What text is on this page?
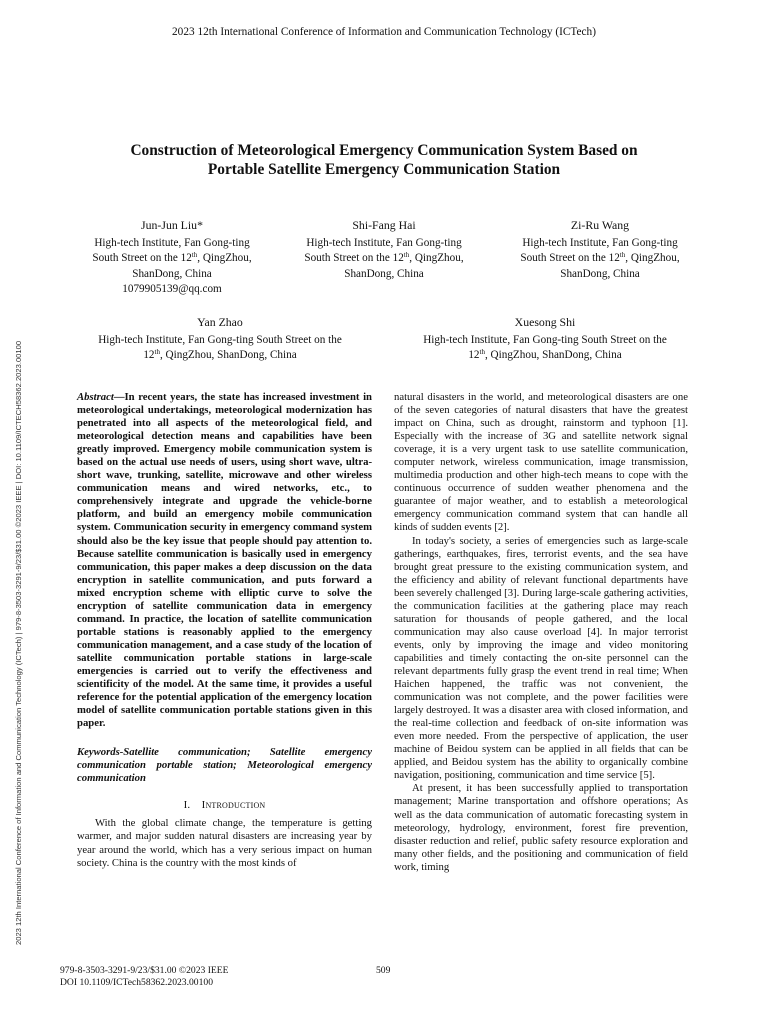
2023 12th International Conference of Information and Communication Technology (ICTech)
2023 12th International Conference of Information and Communication Technology (ICTech) | 979-8-3503-3291-9/23/$31.00 ©2023 IEEE | DOI: 10.1109/ICTECH58362.2023.00100
Construction of Meteorological Emergency Communication System Based on
Portable Satellite Emergency Communication Station
Jun-Jun Liu*
High-tech Institute, Fan Gong-ting
South Street on the 12th, QingZhou,
ShanDong, China
1079905139@qq.com
Shi-Fang Hai
High-tech Institute, Fan Gong-ting
South Street on the 12th, QingZhou,
ShanDong, China
Zi-Ru Wang
High-tech Institute, Fan Gong-ting
South Street on the 12th, QingZhou,
ShanDong, China
Yan Zhao
High-tech Institute, Fan Gong-ting South Street on the
12th, QingZhou, ShanDong, China
Xuesong Shi
High-tech Institute, Fan Gong-ting South Street on the
12th, QingZhou, ShanDong, China

Abstract—In recent years, the state has increased investment in meteorological undertakings, meteorological modernization has penetrated into all aspects of the meteorological field, and meteorological detection means and capabilities have been greatly improved. Emergency mobile communication system is based on the actual use needs of users, using short wave, ultra-short wave, trunking, satellite, microwave and other wireless communication means and wired networks, etc., to comprehensively integrate and upgrade the vehicle-borne platform, and build an emergency mobile communication system. Communication security in emergency command system should also be the key issue that people should pay attention to. Because satellite communication is basically used in emergency communication, this paper makes a deep discussion on the data encryption in satellite communication, and puts forward a mixed encryption scheme with elliptic curve to solve the encryption of satellite communication data in emergency command. In practice, the location of satellite communication portable stations is reasonably applied to the emergency communication management, and a case study of the location of satellite communication portable stations in large-scale emergencies is carried out to verify the effectiveness and scientificity of the model. At the same time, it provides a useful reference for the potential application of the emergency location model of satellite communication portable stations given in this paper.

Keywords-Satellite communication; Satellite emergency communication portable station; Meteorological emergency communication

I. Introduction

With the global climate change, the temperature is getting warmer, and major sudden natural disasters are increasing year by year around the world, which has a very serious impact on human society. China is the country with the most kinds of

natural disasters in the world, and meteorological disasters are one of the seven categories of natural disasters that have the greatest impact on China, such as drought, rainstorm and typhoon [1]. Especially with the increase of 3G and satellite network signal coverage, it is a very urgent task to use satellite communication, computer network, wireless communication, image transmission, multimedia production and other high-tech means to cope with the continuous occurrence of sudden weather phenomena and the guarantee of major weather, and to establish a meteorological emergency communication command system that can handle all kinds of sudden events [2].

In today's society, a series of emergencies such as large-scale gatherings, earthquakes, fires, terrorist events, and the sea have brought great pressure to the existing communication system, and the efficiency and ability of relevant functional departments have been severely challenged [3]. During large-scale gathering activities, the communication facilities at the gathering place may reach saturation for thousands of people gathered, and the local communication may also cause overload [4]. In major terrorist events, only by improving the image and video monitoring capabilities and timely contacting the on-site personnel can the relevant departments fully grasp the event trend in real time; When Haichen happened, the traffic was not convenient, the communication was not complete, and the power facilities were largely destroyed. It was a disaster area with closed information, and the real-time collection and feedback of on-site information was even more needed. From the perspective of application, the user machine of Beidou system can be applied in all fields that can be applied, and Beidou system has the ability to organically combine navigation, positioning, communication and time service [5].

At present, it has been successfully applied to transportation management; Marine transportation and offshore operations; As well as the data communication of automatic forecasting system in meteorology, hydrology, environment, forest fire prevention, disaster reduction and relief, public safety resource exploration and many other fields, and the positioning and communication of field work, timing

979-8-3503-3291-9/23/$31.00 ©2023 IEEE
DOI 10.1109/ICTech58362.2023.00100
509
